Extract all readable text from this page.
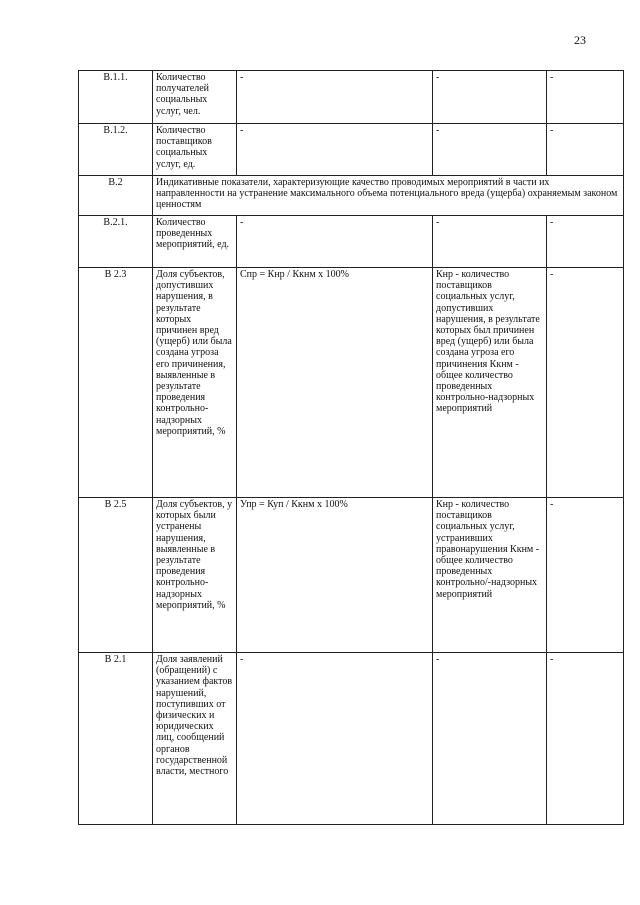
23
В.1.1.	Количество получателей социальных услуг, чел.	-	-	-
В.1.2.	Количество поставщиков социальных услуг, ед.	-	-	-
В.2	Индикативные показатели, характеризующие качество проводимых мероприятий в части их направленности на устранение максимального объема потенциального вреда (ущерба) охраняемым законом ценностям			
В.2.1.	Количество проведенных мероприятий, ед.	-	-	-
В 2.3	Доля субъектов, допустивших нарушения, в результате которых причинен вред (ущерб) или была создана угроза его причинения, выявленные в результате проведения контрольно-надзорных мероприятий, %	Спр = Кнр / Ккнм х 100%	Кнр - количество поставщиков социальных услуг, допустивших нарушения, в результате которых был причинен вред (ущерб) или была создана угроза его причинения Ккнм - общее количество проведенных контрольно-надзорных мероприятий	-
В 2.5	Доля субъектов, у которых были устранены нарушения, выявленные в результате проведения контрольно-надзорных мероприятий, %	Упр = Куп / Ккнм х 100%	Кнр - количество поставщиков социальных услуг, устранивших правонарушения Ккнм - общее количество проведенных контрольно/-надзорных мероприятий	-
В 2.1	Доля заявлений (обращений) с указанием фактов нарушений, поступивших от физических и юридических лиц, сообщений органов государственной власти, местного	-	-	-
